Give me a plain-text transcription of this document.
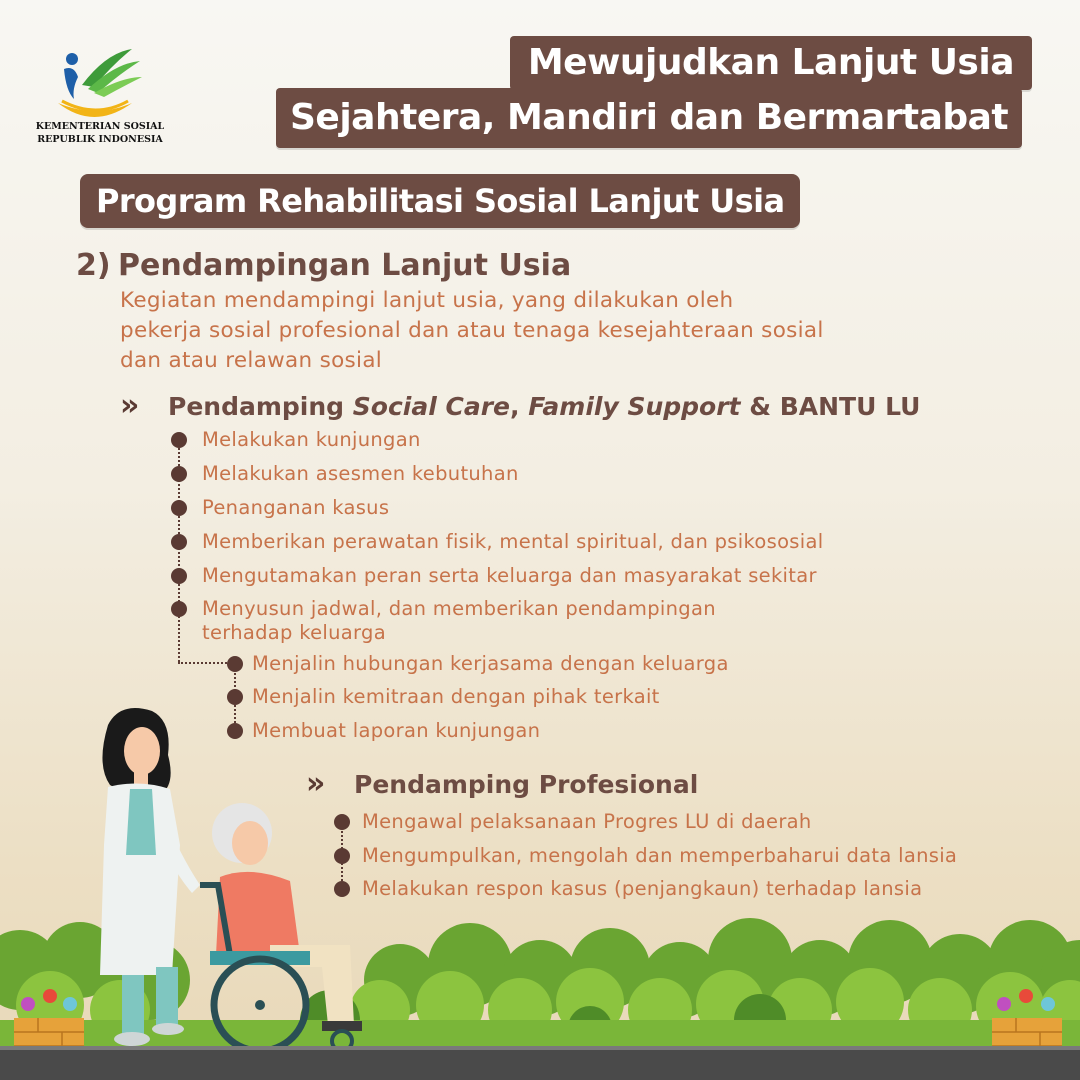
KEMENTERIAN SOSIAL
REPUBLIK INDONESIA
Mewujudkan Lanjut Usia
Sejahtera, Mandiri dan Bermartabat
Program Rehabilitasi Sosial Lanjut Usia
2) Pendampingan Lanjut Usia
Kegiatan mendampingi lanjut usia, yang dilakukan oleh
pekerja sosial profesional dan atau tenaga kesejahteraan sosial
dan atau relawan sosial
» Pendamping Social Care, Family Support & BANTU LU
Melakukan kunjungan
Melakukan asesmen kebutuhan
Penanganan kasus
Memberikan perawatan fisik, mental spiritual, dan psikososial
Mengutamakan peran serta keluarga dan masyarakat sekitar
Menyusun jadwal, dan memberikan pendampingan
terhadap keluarga
Menjalin hubungan kerjasama dengan keluarga
Menjalin kemitraan dengan pihak terkait
Membuat laporan kunjungan
» Pendamping Profesional
Mengawal pelaksanaan Progres LU di daerah
Mengumpulkan, mengolah dan memperbaharui data lansia
Melakukan respon kasus (penjangkaun) terhadap lansia
